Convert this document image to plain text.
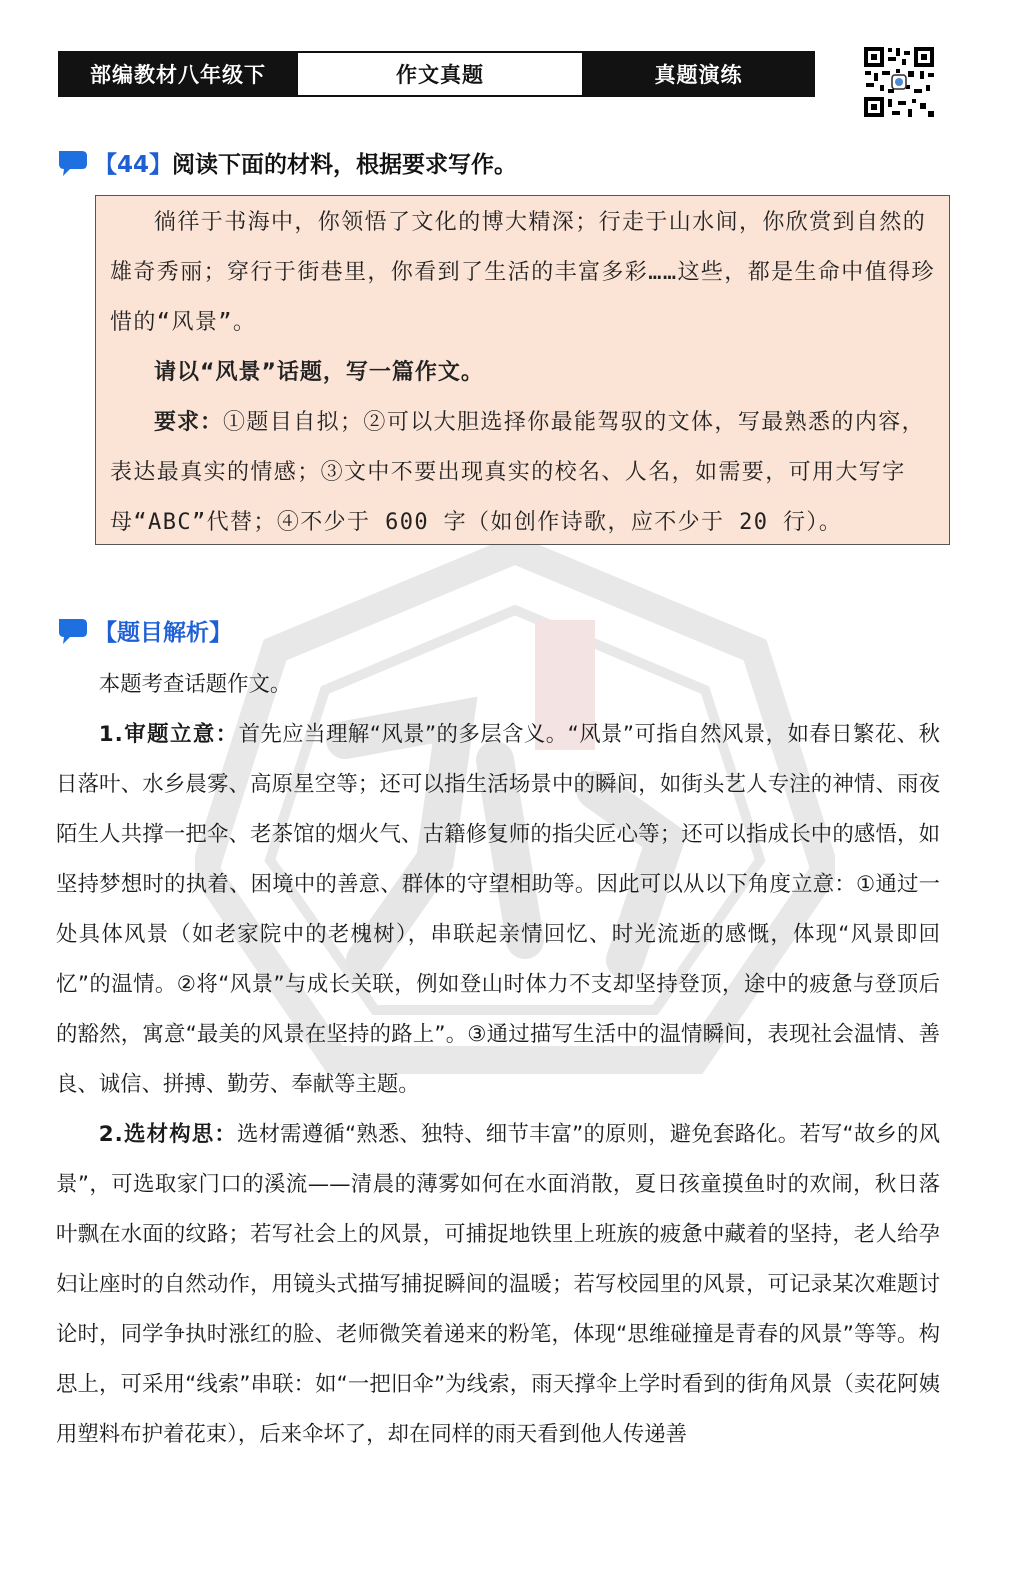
部编教材八年级下	作文真题	真题演练
【44】阅读下面的材料，根据要求写作。

徜徉于书海中，你领悟了文化的博大精深；行走于山水间，你欣赏到自然的雄奇秀丽；穿行于街巷里，你看到了生活的丰富多彩……这些，都是生命中值得珍惜的“风景”。

请以“风景”话题，写一篇作文。

要求：①题目自拟；②可以大胆选择你最能驾驭的文体，写最熟悉的内容，表达最真实的情感；③文中不要出现真实的校名、人名，如需要，可用大写字母“ABC”代替；④不少于 600 字（如创作诗歌，应不少于 20 行）。

【题目解析】

本题考查话题作文。

1.审题立意：首先应当理解“风景”的多层含义。“风景”可指自然风景，如春日繁花、秋日落叶、水乡晨雾、高原星空等；还可以指生活场景中的瞬间，如街头艺人专注的神情、雨夜陌生人共撑一把伞、老茶馆的烟火气、古籍修复师的指尖匠心等；还可以指成长中的感悟，如坚持梦想时的执着、困境中的善意、群体的守望相助等。因此可以从以下角度立意：①通过一处具体风景（如老家院中的老槐树），串联起亲情回忆、时光流逝的感慨，体现“风景即回忆”的温情。②将“风景”与成长关联，例如登山时体力不支却坚持登顶，途中的疲惫与登顶后的豁然，寓意“最美的风景在坚持的路上”。③通过描写生活中的温情瞬间，表现社会温情、善良、诚信、拼搏、勤劳、奉献等主题。

2.选材构思：选材需遵循“熟悉、独特、细节丰富”的原则，避免套路化。若写“故乡的风景”，可选取家门口的溪流——清晨的薄雾如何在水面消散，夏日孩童摸鱼时的欢闹，秋日落叶飘在水面的纹路；若写社会上的风景，可捕捉地铁里上班族的疲惫中藏着的坚持，老人给孕妇让座时的自然动作，用镜头式描写捕捉瞬间的温暖；若写校园里的风景，可记录某次难题讨论时，同学争执时涨红的脸、老师微笑着递来的粉笔，体现“思维碰撞是青春的风景”等等。构思上，可采用“线索”串联：如“一把旧伞”为线索，雨天撑伞上学时看到的街角风景（卖花阿姨用塑料布护着花束），后来伞坏了，却在同样的雨天看到他人传递善
